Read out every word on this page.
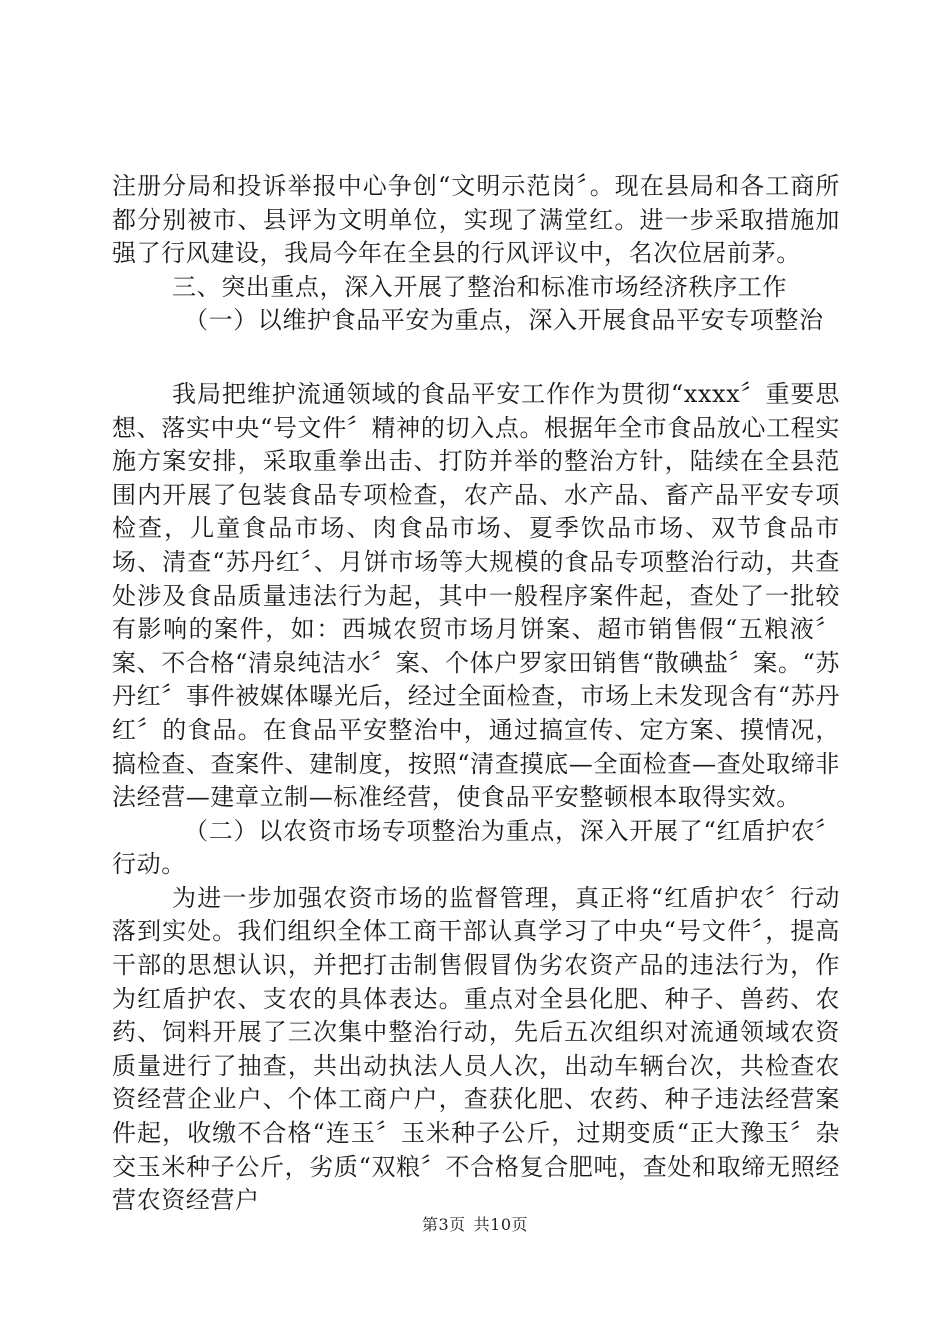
注册分局和投诉举报中心争创“文明示范岗〞。现在县局和各工商所都分别被市、县评为文明单位，实现了满堂红。进一步采取措施加强了行风建设，我局今年在全县的行风评议中，名次位居前茅。

三、突出重点，深入开展了整治和标准市场经济秩序工作

（一）以维护食品平安为重点，深入开展食品平安专项整治

我局把维护流通领域的食品平安工作作为贯彻“xxxx〞重要思想、落实中央“号文件〞精神的切入点。根据年全市食品放心工程实施方案安排，采取重拳出击、打防并举的整治方针，陆续在全县范围内开展了包装食品专项检查，农产品、水产品、畜产品平安专项检查，儿童食品市场、肉食品市场、夏季饮品市场、双节食品市场、清查“苏丹红〞、月饼市场等大规模的食品专项整治行动，共查处涉及食品质量违法行为起，其中一般程序案件起，查处了一批较有影响的案件，如：西城农贸市场月饼案、超市销售假“五粮液〞案、不合格“清泉纯洁水〞案、个体户罗家田销售“散碘盐〞案。“苏丹红〞事件被媒体曝光后，经过全面检查，市场上未发现含有“苏丹红〞的食品。在食品平安整治中，通过搞宣传、定方案、摸情况，搞检查、查案件、建制度，按照“清查摸底—全面检查—查处取缔非法经营—建章立制—标准经营，使食品平安整顿根本取得实效。

（二）以农资市场专项整治为重点，深入开展了“红盾护农〞行动。

为进一步加强农资市场的监督管理，真正将“红盾护农〞行动落到实处。我们组织全体工商干部认真学习了中央“号文件〞，提高干部的思想认识，并把打击制售假冒伪劣农资产品的违法行为，作为红盾护农、支农的具体表达。重点对全县化肥、种子、兽药、农药、饲料开展了三次集中整治行动，先后五次组织对流通领域农资质量进行了抽查，共出动执法人员人次，出动车辆台次，共检查农资经营企业户、个体工商户户，查获化肥、农药、种子违法经营案件起，收缴不合格“连玉〞玉米种子公斤，过期变质“正大豫玉〞杂交玉米种子公斤，劣质“双粮〞不合格复合肥吨，查处和取缔无照经营农资经营户

第3页 共10页
